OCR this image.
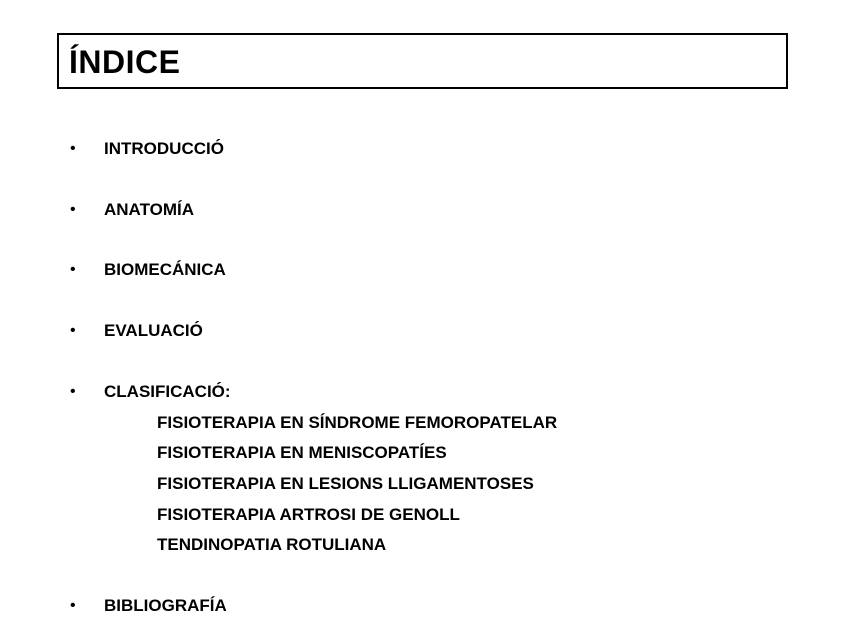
ÍNDICE
• INTRODUCCIÓ
• ANATOMÍA
• BIOMECÁNICA
• EVALUACIÓ
• CLASIFICACIÓ:
FISIOTERAPIA EN SÍNDROME FEMOROPATELAR
FISIOTERAPIA EN MENISCOPATÍES
FISIOTERAPIA EN LESIONS LLIGAMENTOSES
FISIOTERAPIA ARTROSI DE GENOLL
TENDINOPATIA ROTULIANA
• BIBLIOGRAFÍA
